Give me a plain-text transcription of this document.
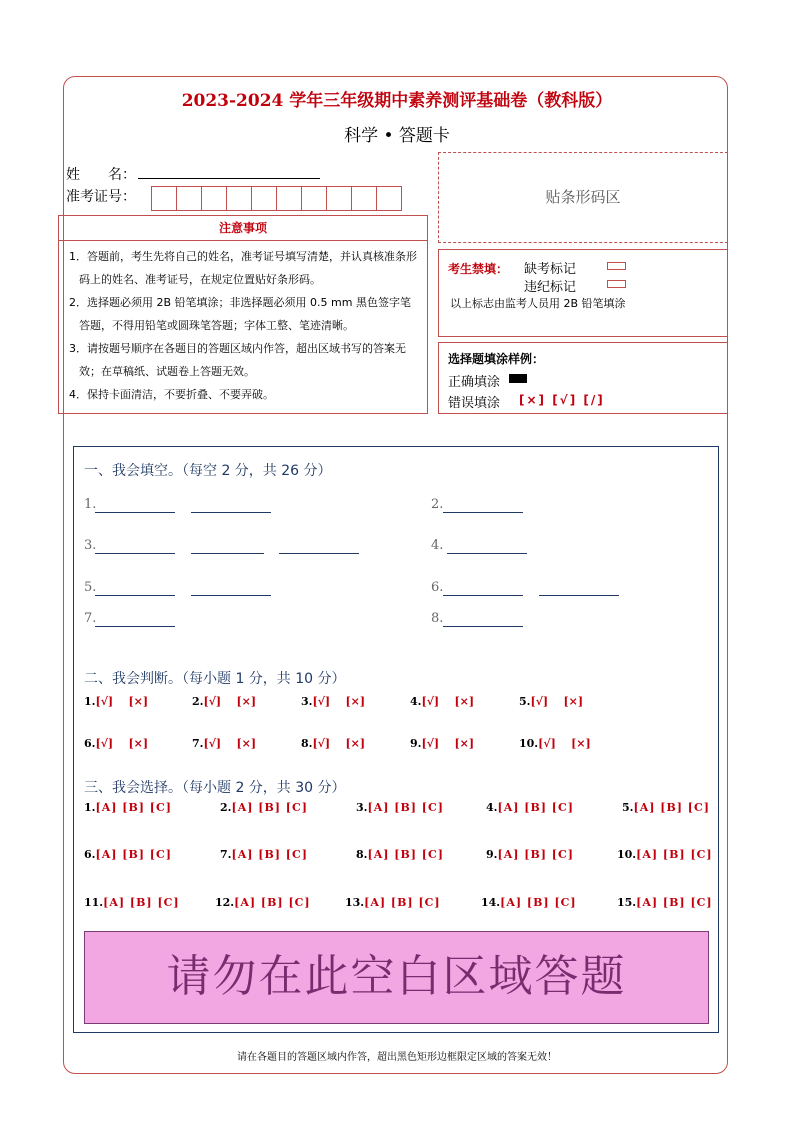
2023-2024 学年三年级期中素养测评基础卷（教科版）
科学 • 答题卡
姓　　名：
准考证号：
注意事项
1．答题前，考生先将自己的姓名，准考证号填写清楚，并认真核准条形码上的姓名、准考证号，在规定位置贴好条形码。
2．选择题必须用 2B 铅笔填涂；非选择题必须用 0.5 mm 黑色签字笔答题，不得用铅笔或圆珠笔答题；字体工整、笔迹清晰。
3．请按题号顺序在各题目的答题区域内作答，超出区域书写的答案无效；在草稿纸、试题卷上答题无效。
4．保持卡面清洁，不要折叠、不要弄破。
贴条形码区
考生禁填： 缺考标记
违纪标记
以上标志由监考人员用 2B 铅笔填涂
选择题填涂样例：
正确填涂
错误填涂 [×] [√] [/]
一、我会填空。（每空 2 分，共 26 分）
1.	2.
3.	4.
5.	6.
7.	8.
二、我会判断。（每小题 1 分，共 10 分）
1.[√]    [×]	2.[√]    [×]	3.[√]    [×]	4.[√]    [×]	5.[√]    [×]
6.[√]    [×]	7.[√]    [×]	8.[√]    [×]	9.[√]    [×]	10.[√]    [×]
三、我会选择。（每小题 2 分，共 30 分）
1.[A] [B] [C]	2.[A] [B] [C]	3.[A] [B] [C]	4.[A] [B] [C]	5.[A] [B] [C]
6.[A] [B] [C]	7.[A] [B] [C]	8.[A] [B] [C]	9.[A] [B] [C]	10.[A] [B] [C]
11.[A] [B] [C]	12.[A] [B] [C]	13.[A] [B] [C]	14.[A] [B] [C]	15.[A] [B] [C]
请勿在此空白区域答题
请在各题目的答题区域内作答，超出黑色矩形边框限定区域的答案无效！
